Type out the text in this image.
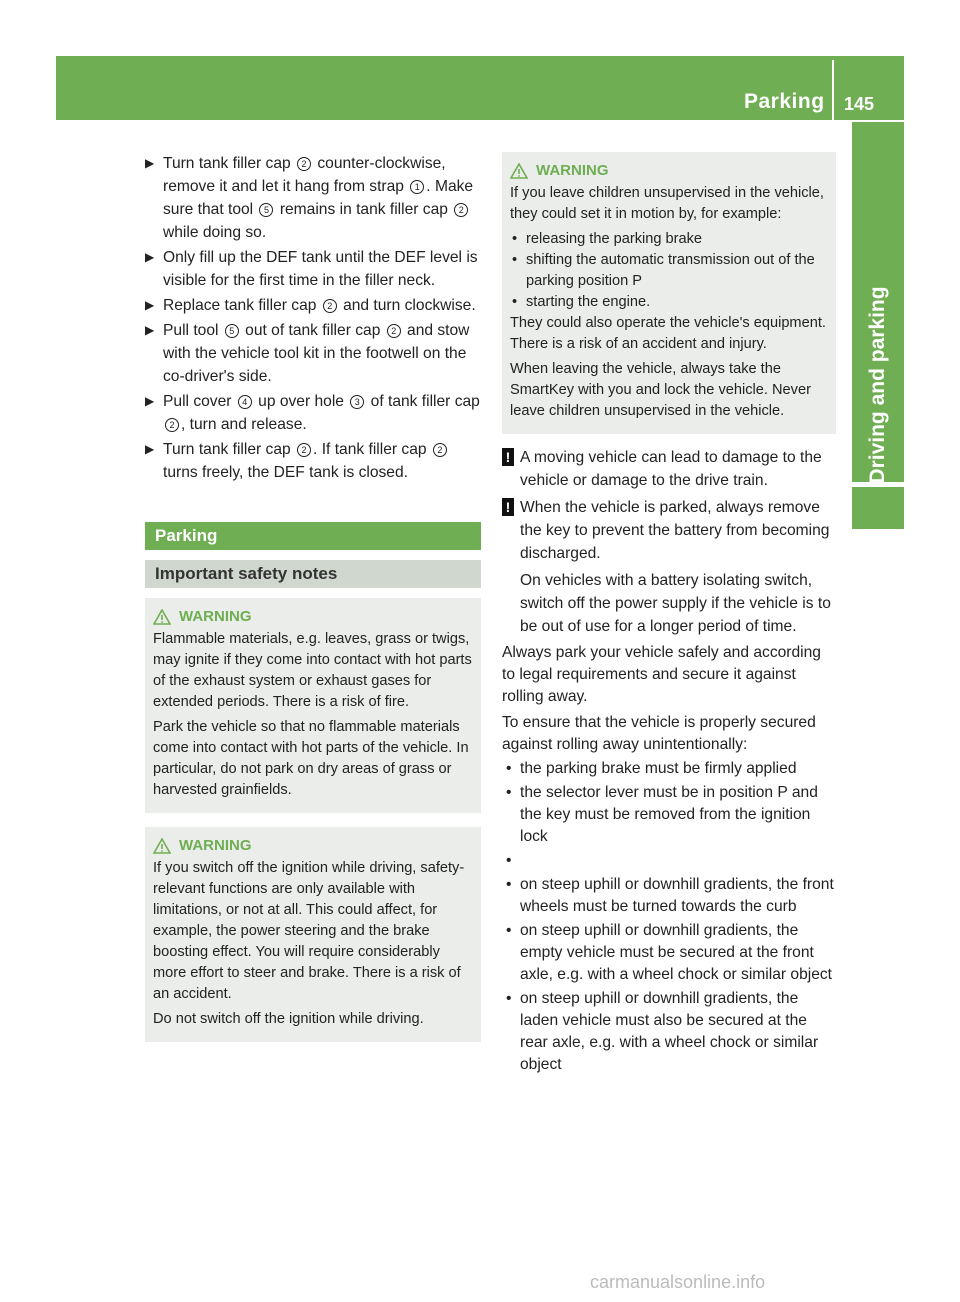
Parking 145
Driving and parking
▶ Turn tank filler cap 2 counter-clockwise, remove it and let it hang from strap 1 . Make sure that tool 5 remains in tank filler cap 2 while doing so.
▶ Only fill up the DEF tank until the DEF level is visible for the first time in the filler neck.
▶ Replace tank filler cap 2 and turn clockwise.
▶ Pull tool 5 out of tank filler cap 2 and stow with the vehicle tool kit in the footwell on the co-driver's side.
▶ Pull cover 4 up over hole 3 of tank filler cap 2 , turn and release.
▶ Turn tank filler cap 2 . If tank filler cap 2 turns freely, the DEF tank is closed.
Parking
Important safety notes
WARNING

Flammable materials, e.g. leaves, grass or twigs, may ignite if they come into contact with hot parts of the exhaust system or exhaust gases for extended periods. There is a risk of fire.

Park the vehicle so that no flammable materials come into contact with hot parts of the vehicle. In particular, do not park on dry areas of grass or harvested grainfields.

WARNING

If you switch off the ignition while driving, safety-relevant functions are only available with limitations, or not at all. This could affect, for example, the power steering and the brake boosting effect. You will require considerably more effort to steer and brake. There is a risk of an accident.

Do not switch off the ignition while driving.

WARNING

If you leave children unsupervised in the vehicle, they could set it in motion by, for example:

• releasing the parking brake
• shifting the automatic transmission out of the parking position P
• starting the engine.

They could also operate the vehicle's equipment. There is a risk of an accident and injury.

When leaving the vehicle, always take the SmartKey with you and lock the vehicle. Never leave children unsupervised in the vehicle.

! A moving vehicle can lead to damage to the vehicle or damage to the drive train.
! When the vehicle is parked, always remove the key to prevent the battery from becoming discharged.
On vehicles with a battery isolating switch, switch off the power supply if the vehicle is to be out of use for a longer period of time.
Always park your vehicle safely and according to legal requirements and secure it against rolling away.
To ensure that the vehicle is properly secured against rolling away unintentionally:
• the parking brake must be firmly applied
• the selector lever must be in position P and the key must be removed from the ignition lock
•
• on steep uphill or downhill gradients, the front wheels must be turned towards the curb
• on steep uphill or downhill gradients, the empty vehicle must be secured at the front axle, e.g. with a wheel chock or similar object
• on steep uphill or downhill gradients, the laden vehicle must also be secured at the rear axle, e.g. with a wheel chock or similar object
carmanualsonline.info
